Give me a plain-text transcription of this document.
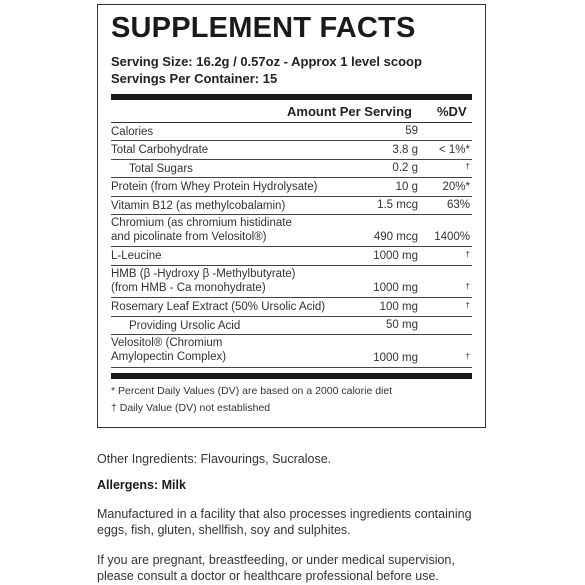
SUPPLEMENT FACTS
Serving Size: 16.2g / 0.57oz - Approx 1 level scoop
Servings Per Container: 15
Amount Per Serving %DV
Calories	59
Total Carbohydrate	3.8 g < 1%*
Total Sugars	0.2 g	†
Protein (from Whey Protein Hydrolysate)	10 g 20%*
Vitamin B12 (as methylcobalamin)	1.5 mcg	63%
Chromium (as chromium histidinate
and picolinate from Velositol®)	490 mcg 1400%
L-Leucine	1000 mg	†
HMB (β -Hydroxy β -Methylbutyrate)
(from HMB - Ca monohydrate)	1000 mg	†
Rosemary Leaf Extract (50% Ursolic Acid)	100 mg	†
Providing Ursolic Acid	50 mg
Velositol® (Chromium
Amylopectin Complex)	1000 mg	†
* Percent Daily Values (DV) are based on a 2000 calorie diet
† Daily Value (DV) not established
Other Ingredients: Flavourings, Sucralose.
Allergens: Milk
Manufactured in a facility that also processes ingredients containing
eggs, fish, gluten, shellfish, soy and sulphites.
If you are pregnant, breastfeeding, or under medical supervision,
please consult a doctor or healthcare professional before use.
